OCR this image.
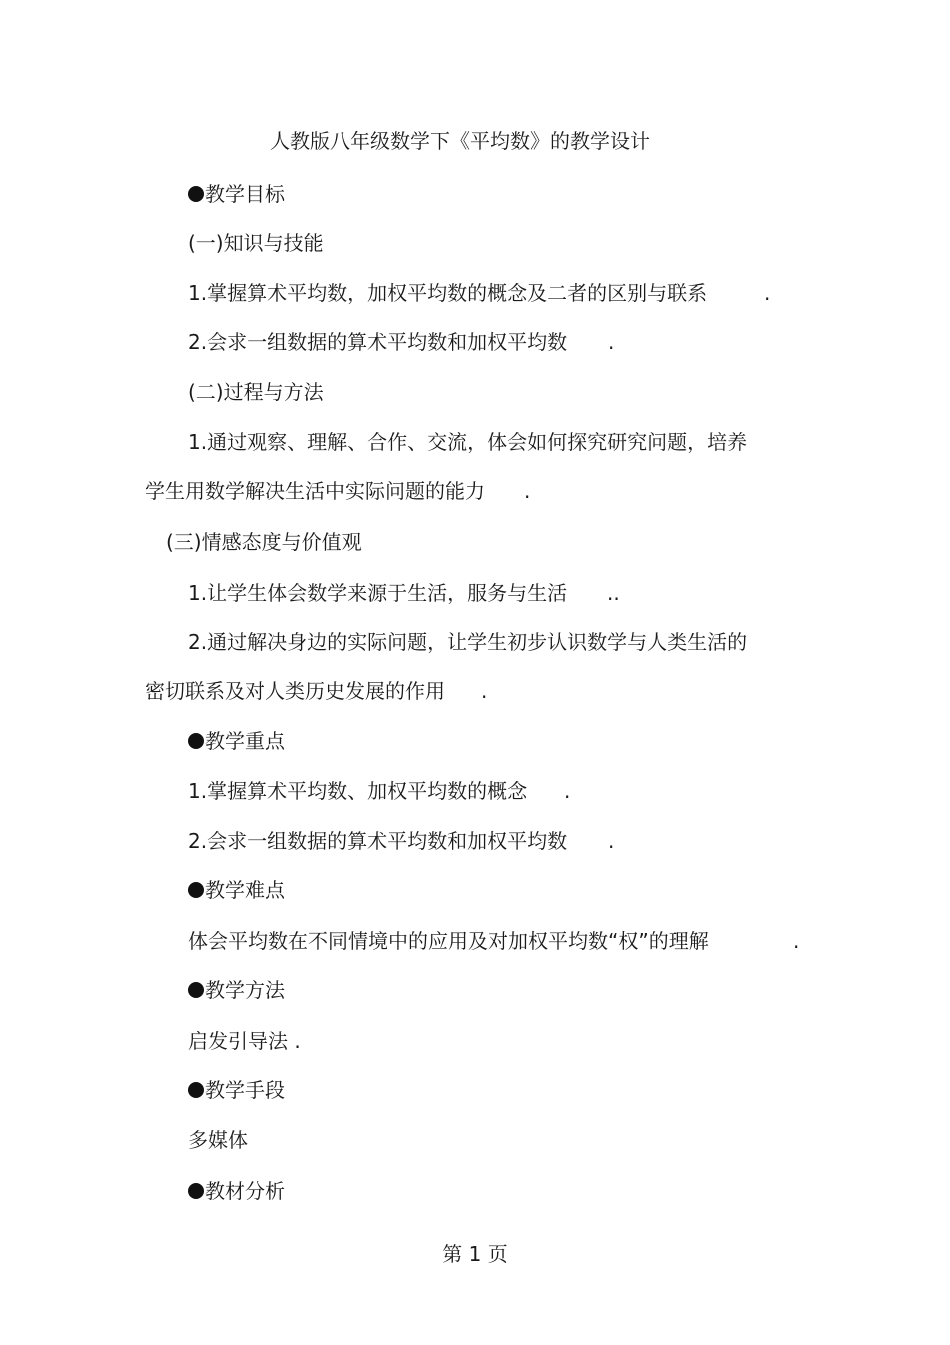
人教版八年级数学下《平均数》的教学设计
教学目标
(一)知识与技能
1.掌握算术平均数，加权平均数的概念及二者的区别与联系	.
2.会求一组数据的算术平均数和加权平均数 .
(二)过程与方法
1.通过观察、理解、合作、交流，体会如何探究研究问题，培养
学生用数学解决生活中实际问题的能力 .
(三)情感态度与价值观
1.让学生体会数学来源于生活，服务与生活 ..
2.通过解决身边的实际问题，让学生初步认识数学与人类生活的
密切联系及对人类历史发展的作用 .
教学重点
1.掌握算术平均数、加权平均数的概念 .
2.会求一组数据的算术平均数和加权平均数 .
教学难点
体会平均数在不同情境中的应用及对加权平均数“权”的理解	.
教学方法
启发引导法 .
教学手段
多媒体
教材分析
第 1 页
